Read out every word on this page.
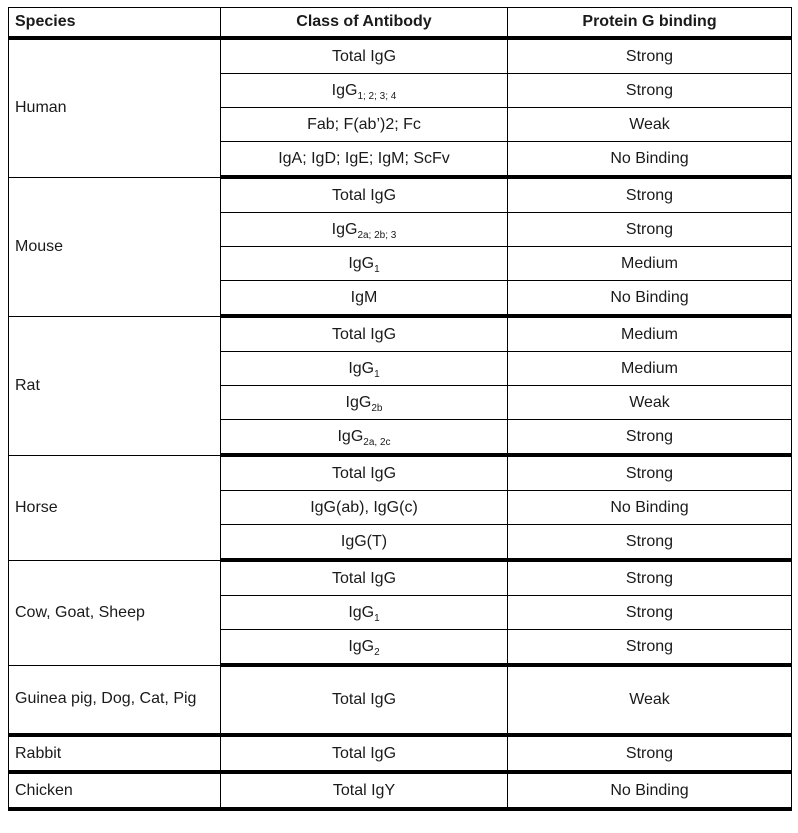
Species	Class of Antibody	Protein G binding
Human	Total IgG	Strong
	IgG$_{1; 2; 3; 4}$	Strong
	Fab; F(ab’)2; Fc	Weak
	IgA; IgD; IgE; IgM; ScFv	No Binding
Mouse	Total IgG	Strong
	IgG$_{2a; 2b; 3}$	Strong
	IgG$_1$	Medium
	IgM	No Binding
Rat	Total IgG	Medium
	IgG$_1$	Medium
	IgG$_{2b}$	Weak
	IgG$_{2a, 2c}$	Strong
Horse	Total IgG	Strong
	IgG(ab), IgG(c)	No Binding
	IgG(T)	Strong
Cow, Goat, Sheep	Total IgG	Strong
	IgG$_1$	Strong
	IgG$_2$	Strong
Guinea pig, Dog, Cat, Pig	Total IgG	Weak
Rabbit	Total IgG	Strong
Chicken	Total IgY	No Binding
